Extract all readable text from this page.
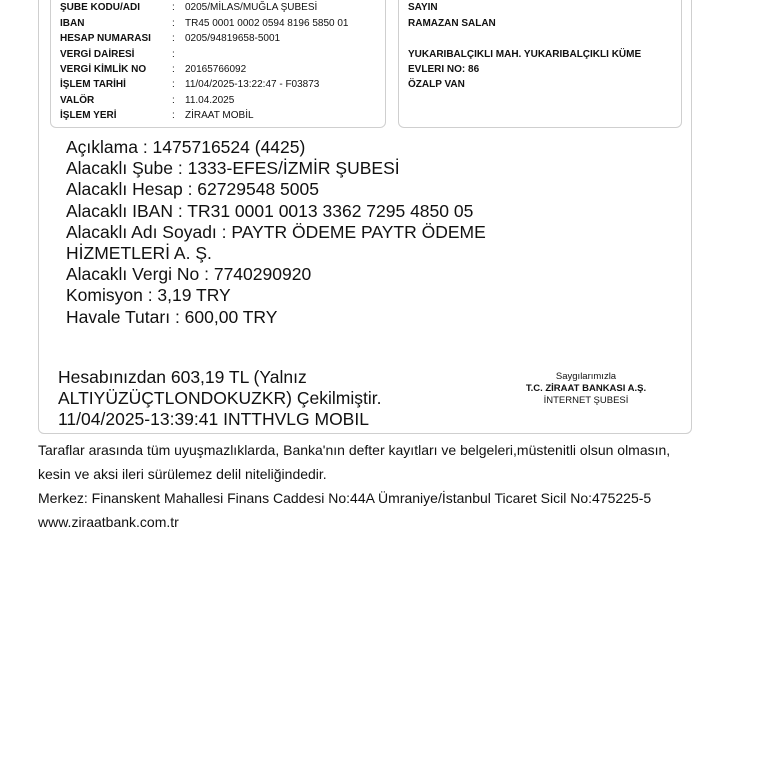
ŞUBE KODU/ADI	:	0205/MİLAS/MUĞLA ŞUBESİ
IBAN	:	TR45 0001 0002 0594 8196 5850 01
HESAP NUMARASI	:	0205/94819658-5001
VERGİ DAİRESİ	:
VERGİ KİMLİK NO	:	20165766092
İŞLEM TARİHİ	:	11/04/2025-13:22:47 - F03873
VALÖR	:	11.04.2025
İŞLEM YERİ	:	ZİRAAT MOBİL
SAYIN
RAMAZAN SALAN
YUKARIBALÇIKLI MAH. YUKARIBALÇIKLI KÜME
EVLERI NO: 86
ÖZALP VAN
Açıklama : 1475716524 (4425)
Alacaklı Şube : 1333-EFES/İZMİR ŞUBESİ
Alacaklı Hesap : 62729548 5005
Alacaklı IBAN : TR31 0001 0013 3362 7295 4850 05
Alacaklı Adı Soyadı : PAYTR ÖDEME PAYTR ÖDEME
HİZMETLERİ A. Ş.
Alacaklı Vergi No : 7740290920
Komisyon : 3,19 TRY
Havale Tutarı : 600,00 TRY
Hesabınızdan 603,19 TL (Yalnız
ALTIYÜZÜÇTLONDOKUZKR) Çekilmiştir.
11/04/2025-13:39:41 INTTHVLG MOBIL
Saygılarımızla
T.C. ZİRAAT BANKASI A.Ş.
İNTERNET ŞUBESİ
Taraflar arasında tüm uyuşmazlıklarda, Banka'nın defter kayıtları ve belgeleri,müstenitli olsun olmasın,
kesin ve aksi ileri sürülemez delil niteliğindedir.
Merkez: Finanskent Mahallesi Finans Caddesi No:44A Ümraniye/İstanbul Ticaret Sicil No:475225-5
www.ziraatbank.com.tr
